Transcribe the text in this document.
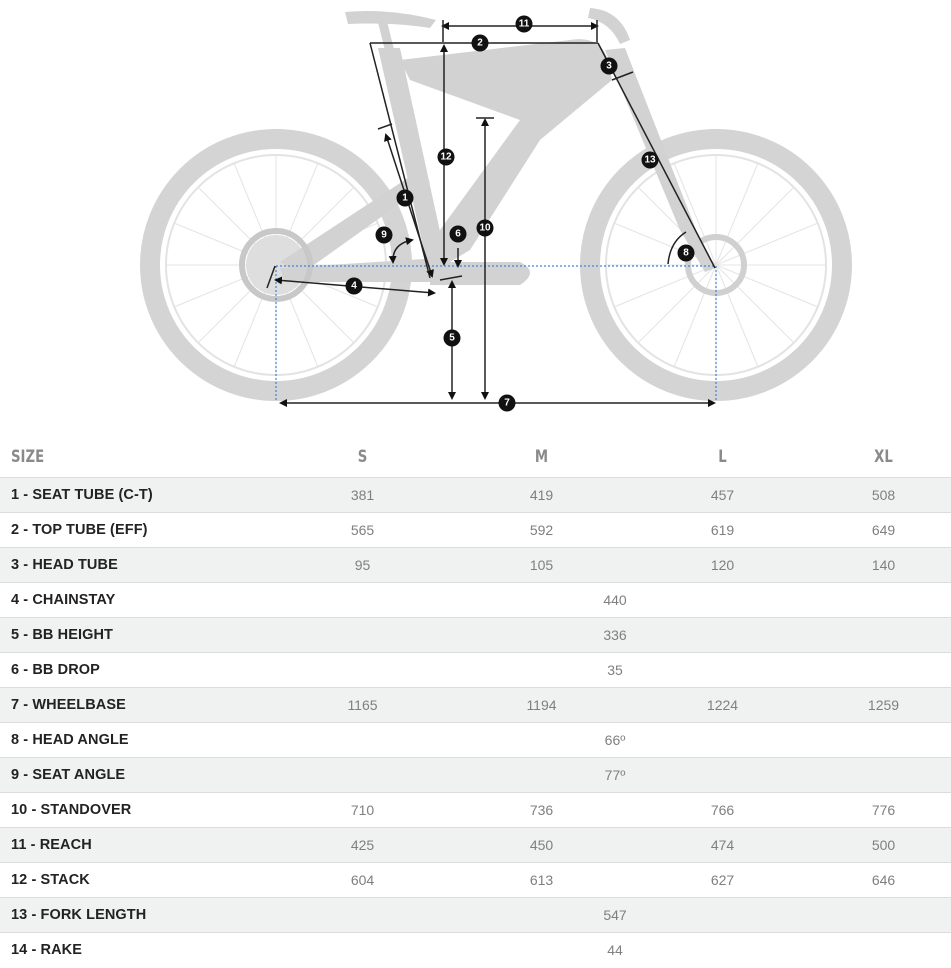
1
2
3
4
5
6
7
8
9
10
11
12	13
SIZE	S	M	L	XL
1 - SEAT TUBE (C-T)	381	419	457	508
2 - TOP TUBE (EFF)	565	592	619	649
3 - HEAD TUBE	95	105	120	140
4 - CHAINSTAY	440			
5 - BB HEIGHT	336			
6 - BB DROP	35			
7 - WHEELBASE	1165	1194	1224	1259
8 - HEAD ANGLE	66º			
9 - SEAT ANGLE	77º			
10 - STANDOVER	710	736	766	776
11 - REACH	425	450	474	500
12 - STACK	604	613	627	646
13 - FORK LENGTH	547			
14 - RAKE	44			
